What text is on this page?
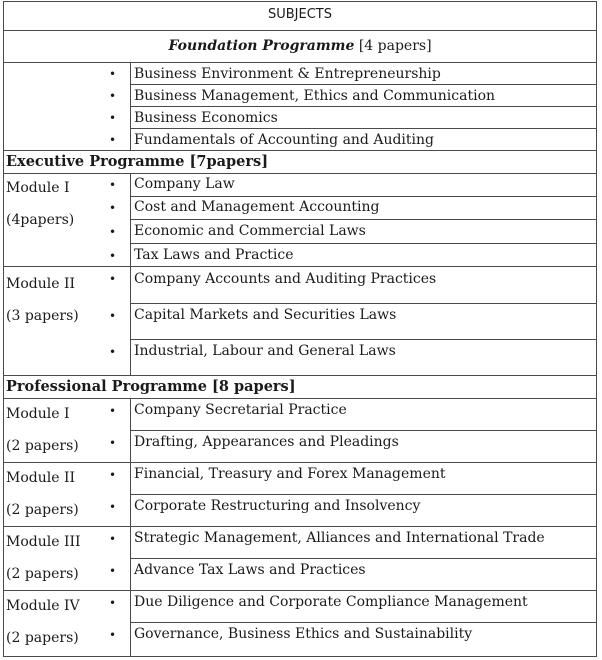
SUBJECTS
Foundation Programme [4 papers]
• Business Environment & Entrepreneurship
• Business Management, Ethics and Communication
• Business Economics
• Fundamentals of Accounting and Auditing
Executive Programme [7papers]
Module I
(4papers)
• Company Law
• Cost and Management Accounting
• Economic and Commercial Laws
• Tax Laws and Practice
Module II
(3 papers)
• Company Accounts and Auditing Practices
• Capital Markets and Securities Laws
• Industrial, Labour and General Laws
Professional Programme [8 papers]
Module I
(2 papers)
• Company Secretarial Practice
• Drafting, Appearances and Pleadings
Module II
(2 papers)
• Financial, Treasury and Forex Management
• Corporate Restructuring and Insolvency
Module III
(2 papers)
• Strategic Management, Alliances and International Trade
• Advance Tax Laws and Practices
Module IV
(2 papers)
• Due Diligence and Corporate Compliance Management
• Governance, Business Ethics and Sustainability
